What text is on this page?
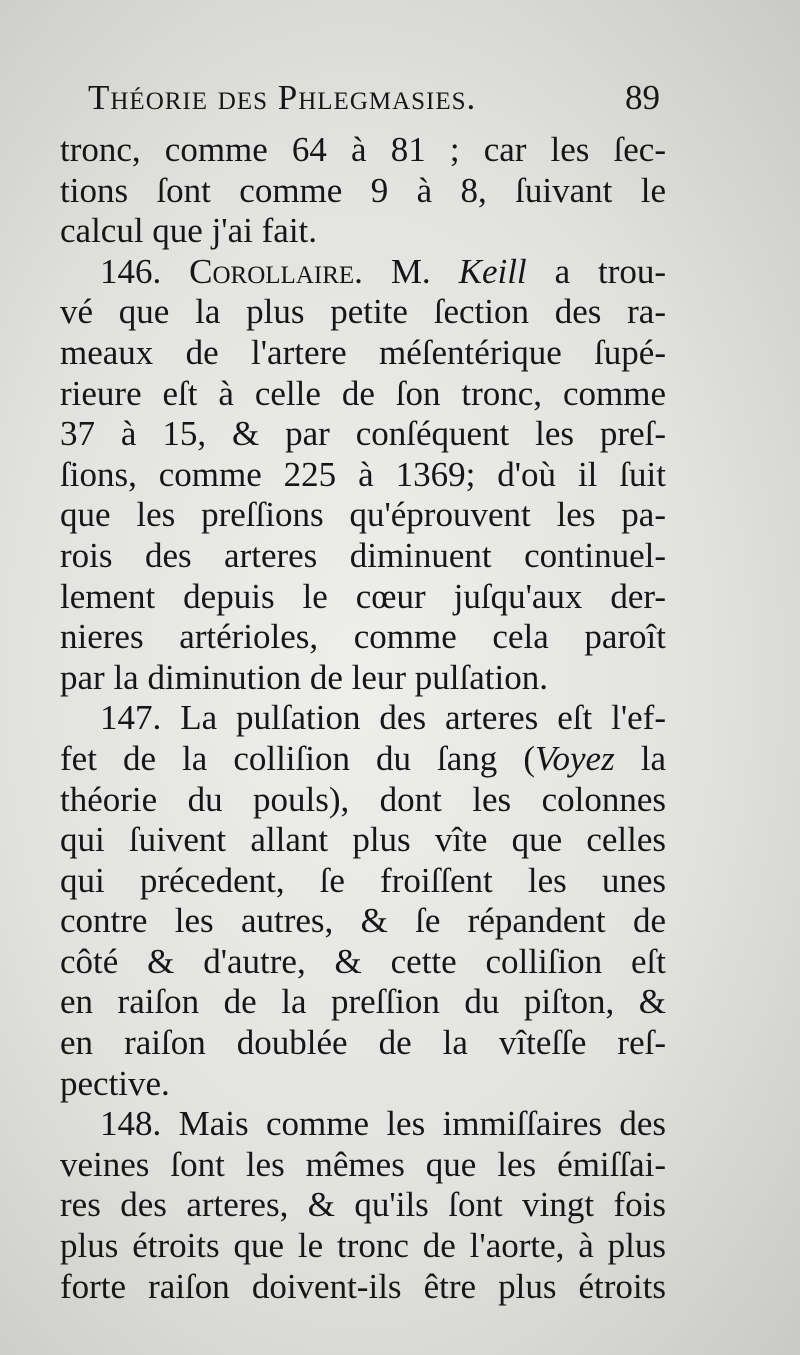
Théorie des Phlegmasies.	89
tronc, comme 64 à 81 ; car les ſec-
tions ſont comme 9 à 8, ſuivant le
calcul que j'ai fait.
146. Corollaire. M. Keill a trou-
vé que la plus petite ſection des ra-
meaux de l'artere méſentérique ſupé-
rieure eſt à celle de ſon tronc, comme
37 à 15, & par conſéquent les preſ-
ſions, comme 225 à 1369; d'où il ſuit
que les preſſions qu'éprouvent les pa-
rois des arteres diminuent continuel-
lement depuis le cœur juſqu'aux der-
nieres artérioles, comme cela paroît
par la diminution de leur pulſation.
147. La pulſation des arteres eſt l'ef-
fet de la colliſion du ſang (Voyez la
théorie du pouls), dont les colonnes
qui ſuivent allant plus vîte que celles
qui précedent, ſe froiſſent les unes
contre les autres, & ſe répandent de
côté & d'autre, & cette colliſion eſt
en raiſon de la preſſion du piſton, &
en raiſon doublée de la vîteſſe reſ-
pective.
148. Mais comme les immiſſaires des
veines ſont les mêmes que les émiſſai-
res des arteres, & qu'ils ſont vingt fois
plus étroits que le tronc de l'aorte, à plus
forte raiſon doivent-ils être plus étroits
